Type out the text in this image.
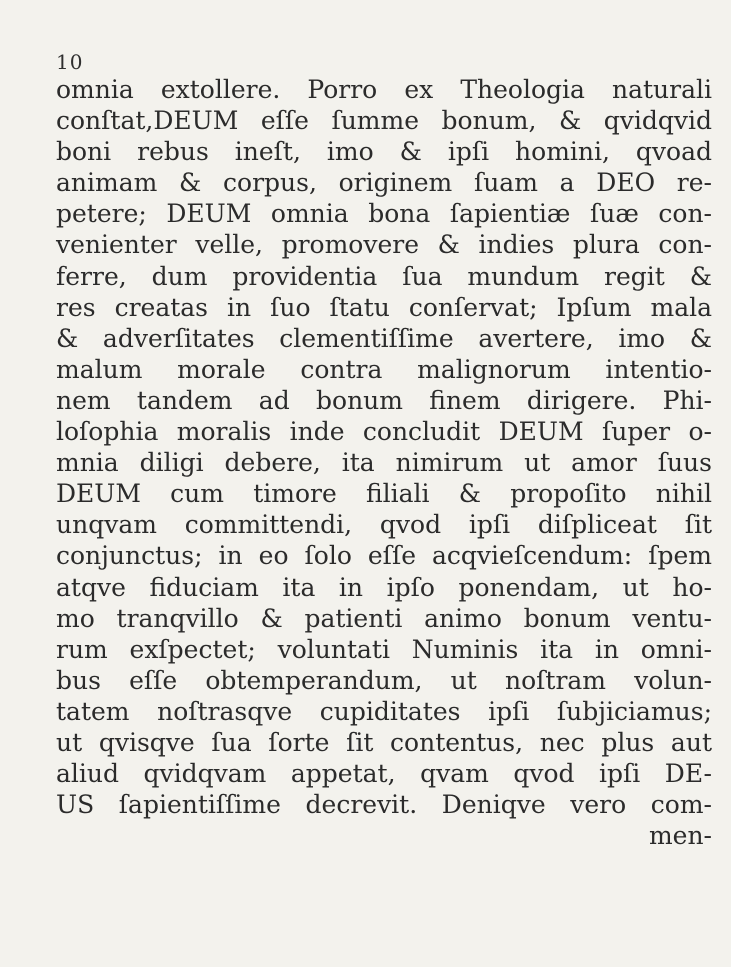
10
omnia extollere. Porro ex Theologia naturali
conſtat,DEUM eſſe ſumme bonum, & qvidqvid
boni rebus ineſt, imo & ipſi homini, qvoad
animam & corpus, originem ſuam a DEO re-
petere; DEUM omnia bona ſapientiæ ſuæ con-
venienter velle, promovere & indies plura con-
ferre, dum providentia ſua mundum regit &
res creatas in ſuo ſtatu conſervat; Ipſum mala
& adverſitates clementiſſime avertere, imo &
malum morale contra malignorum intentio-
nem tandem ad bonum finem dirigere. Phi-
loſophia moralis inde concludit DEUM ſuper o-
mnia diligi debere, ita nimirum ut amor ſuus
DEUM cum timore filiali & propoſito nihil
unqvam committendi, qvod ipſi diſpliceat ſit
conjunctus; in eo ſolo eſſe acqvieſcendum: ſpem
atqve fiduciam ita in ipſo ponendam, ut ho-
mo tranqvillo & patienti animo bonum ventu-
rum exſpectet; voluntati Numinis ita in omni-
bus eſſe obtemperandum, ut noſtram volun-
tatem noſtrasqve cupiditates ipſi ſubjiciamus;
ut qvisqve ſua ſorte ſit contentus, nec plus aut
aliud qvidqvam appetat, qvam qvod ipſi DE-
US ſapientiſſime decrevit. Deniqve vero com-
men-
